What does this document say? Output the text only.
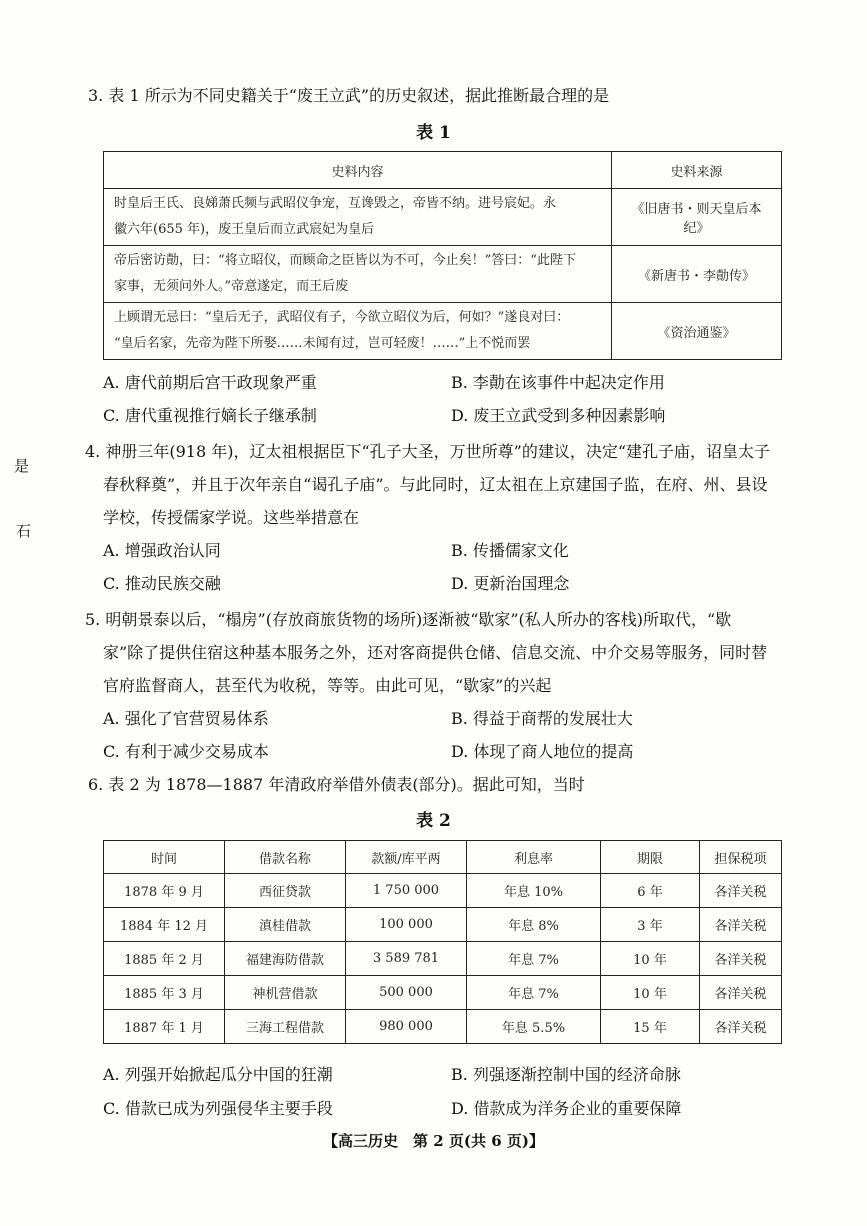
3. 表 1 所示为不同史籍关于“废王立武”的历史叙述，据此推断最合理的是
表 1
史料内容	史料来源

时皇后王氏、良娣萧氏频与武昭仪争宠，互谗毁之，帝皆不纳。进号宸妃。永
徽六年(655 年)，废王皇后而立武宸妃为皇后	《旧唐书・则天皇后本纪》

帝后密访勣，曰：“将立昭仪，而顾命之臣皆以为不可，今止矣！”答曰：“此陛下
家事，无须问外人。”帝意遂定，而王后废	《新唐书・李勣传》

上顾谓无忌曰：“皇后无子，武昭仪有子，今欲立昭仪为后，何如？”遂良对曰：
“皇后名家，先帝为陛下所娶……未闻有过，岂可轻废！……”上不悦而罢	《资治通鉴》
A. 唐代前期后宫干政现象严重	B. 李勣在该事件中起决定作用
C. 唐代重视推行嫡长子继承制	D. 废王立武受到多种因素影响
4. 神册三年(918 年)，辽太祖根据臣下“孔子大圣，万世所尊”的建议，决定“建孔子庙，诏皇太子
春秋释奠”，并且于次年亲自“谒孔子庙”。与此同时，辽太祖在上京建国子监，在府、州、县设
学校，传授儒家学说。这些举措意在
A. 增强政治认同	B. 传播儒家文化
C. 推动民族交融	D. 更新治国理念
5. 明朝景泰以后，“榻房”(存放商旅货物的场所)逐渐被“歇家”(私人所办的客栈)所取代，“歇
家”除了提供住宿这种基本服务之外，还对客商提供仓储、信息交流、中介交易等服务，同时替
官府监督商人，甚至代为收税，等等。由此可见，“歇家”的兴起
A. 强化了官营贸易体系	B. 得益于商帮的发展壮大
C. 有利于减少交易成本	D. 体现了商人地位的提高
6. 表 2 为 1878—1887 年清政府举借外债表(部分)。据此可知，当时
表 2
时间	借款名称	款额/库平两	利息率	期限	担保税项
1878 年 9 月	西征贷款	1 750 000	年息 10%	6 年	各洋关税
1884 年 12 月	滇桂借款	100 000	年息 8%	3 年	各洋关税
1885 年 2 月	福建海防借款	3 589 781	年息 7%	10 年	各洋关税
1885 年 3 月	神机营借款	500 000	年息 7%	10 年	各洋关税
1887 年 1 月	三海工程借款	980 000	年息 5.5%	15 年	各洋关税
A. 列强开始掀起瓜分中国的狂潮	B. 列强逐渐控制中国的经济命脉
C. 借款已成为列强侵华主要手段	D. 借款成为洋务企业的重要保障
是
石
【高三历史　第 2 页(共 6 页)】
